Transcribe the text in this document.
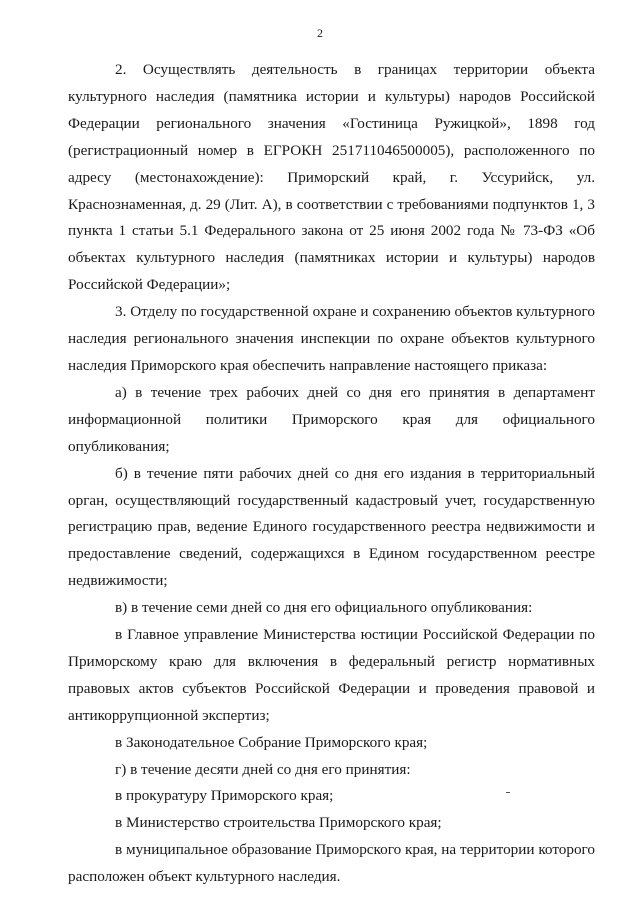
2

2. Осуществлять деятельность в границах территории объекта культурного наследия (памятника истории и культуры) народов Российской Федерации регионального значения «Гостиница Ружицкой», 1898 год (регистрационный номер в ЕГРОКН 251711046500005), расположенного по адресу (местонахождение): Приморский край, г. Уссурийск, ул. Краснознаменная, д. 29 (Лит. А), в соответствии с требованиями подпунктов 1, 3 пункта 1 статьи 5.1 Федерального закона от 25 июня 2002 года № 73-ФЗ «Об объектах культурного наследия (памятниках истории и культуры) народов Российской Федерации»;

3. Отделу по государственной охране и сохранению объектов культурного наследия регионального значения инспекции по охране объектов культурного наследия Приморского края обеспечить направление настоящего приказа:

а) в течение трех рабочих дней со дня его принятия в департамент информационной политики Приморского края для официального опубликования;

б) в течение пяти рабочих дней со дня его издания в территориальный орган, осуществляющий государственный кадастровый учет, государственную регистрацию прав, ведение Единого государственного реестра недвижимости и предоставление сведений, содержащихся в Едином государственном реестре недвижимости;

в) в течение семи дней со дня его официального опубликования:

в Главное управление Министерства юстиции Российской Федерации по Приморскому краю для включения в федеральный регистр нормативных правовых актов субъектов Российской Федерации и проведения правовой и антикоррупционной экспертиз;

в Законодательное Собрание Приморского края;

г) в течение десяти дней со дня его принятия:

в прокуратуру Приморского края;

в Министерство строительства Приморского края;

в муниципальное образование Приморского края, на территории которого расположен объект культурного наследия.
